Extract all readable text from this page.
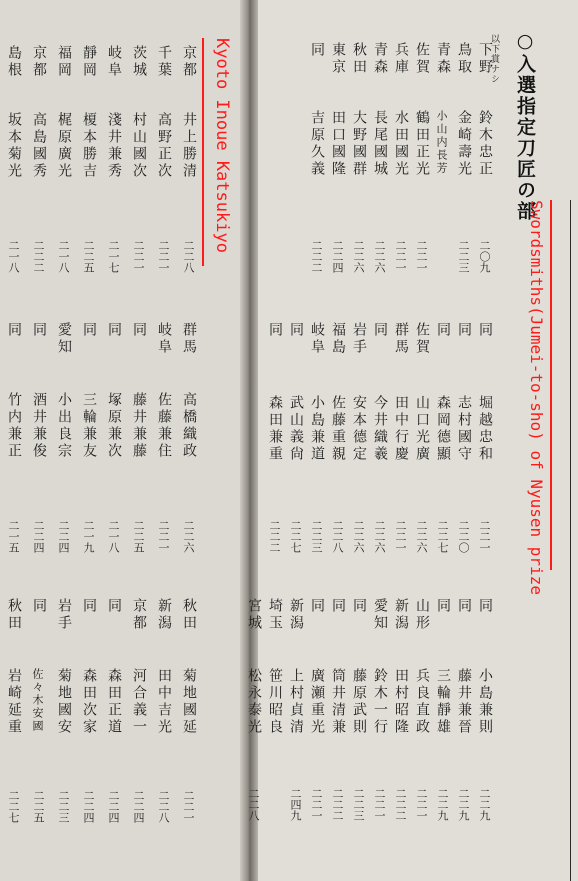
○入選指定刀匠の部
以下賞ナシ
下野
鈴木忠正
二〇九
鳥取
金崎壽光
二二三
青森
小山内長芳
佐賀
鶴田正光
二二一
兵庫
水田國光
二二一
青森
長尾國城
二二六
秋田
大野國群
二二六
東京
田口國隆
二二四
同
吉原久義
二二二
同
堀越忠和
二二一
同
志村國守
二二〇
同
森岡德顯
二二七
佐賀
山口光廣
二二六
群馬
田中行慶
二二一
同
今井織羲
二二六
岩手
安本德定
二二六
福島
佐藤重親
二二八
岐阜
小島兼道
二二三
同
武山義尙
二二七
同
森田兼重
二二二
同
小島兼則
二二九
同
藤井兼晉
二二九
同
三輪靜雄
二二九
山形
兵良直政
二二一
新潟
田村昭隆
二二二
愛知
鈴木一行
二二一
同
藤原武則
二二三
同
筒井清兼
二二二
同
廣瀬重光
二二一
新潟
上村貞清
二四九
埼玉
笹川昭良
宮城
松永泰光
二二八
京都
井上勝清
二二八
千葉
高野正次
二二一
茨城
村山國次
二二一
岐阜
淺井兼秀
二一七
靜岡
榎本勝吉
二二五
福岡
梶原廣光
二一八
京都
高島國秀
二二二
島根
坂本菊光
二一八
群馬
高橋織政
二二六
岐阜
佐藤兼住
二二一
同
藤井兼藤
二二五
同
塚原兼次
二一八
同
三輪兼友
二一九
愛知
小出良宗
二二四
同
酒井兼俊
二二四
同
竹内兼正
二一五
秋田
菊地國延
二二一
新潟
田中吉光
二二八
京都
河合義一
二二四
同
森田正道
二二四
同
森田次家
二二四
岩手
菊地國安
二二三
同
佐々木安國
二二五
秋田
岩崎延重
二二七
Kyoto Inoue Katsukiyo
Swordsmiths(Jumei-to-sho) of Nyusen prize
